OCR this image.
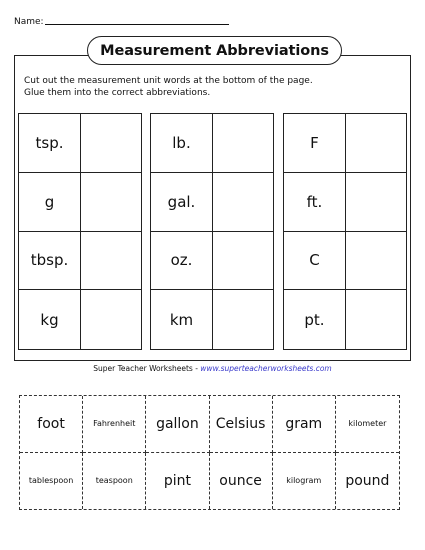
Name:
Measurement Abbreviations
Cut out the measurement unit words at the bottom of the page.
Glue them into the correct abbreviations.
tsp.
g
tbsp.
kg
lb.
gal.
oz.
km
F
ft.
C
pt.
Super Teacher Worksheets - www.superteacherworksheets.com
foot	Fahrenheit	gallon	Celsius	gram	kilometer
tablespoon	teaspoon	pint	ounce	kilogram	pound
